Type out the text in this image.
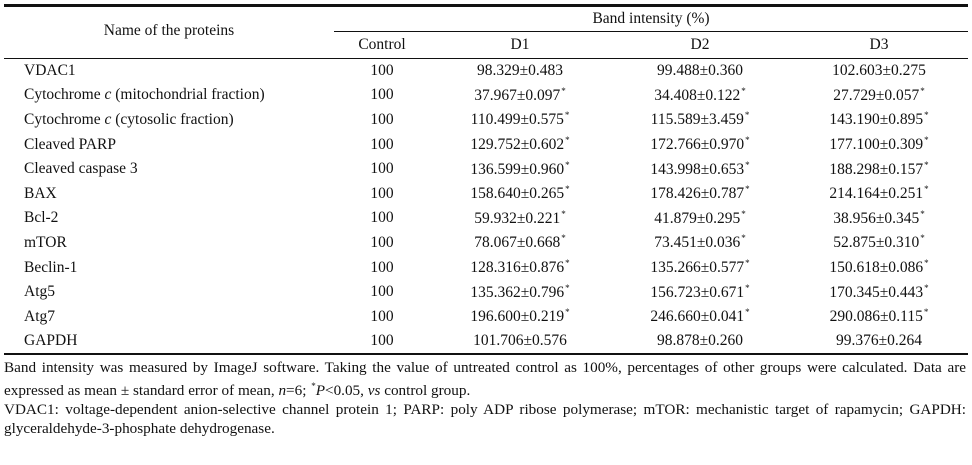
Name of the proteins	Band intensity (%)			
	Control	D1	D2	D3
VDAC1	100	98.329±0.483	99.488±0.360	102.603±0.275
Cytochrome c (mitochondrial fraction)	100	37.967±0.097*	34.408±0.122*	27.729±0.057*
Cytochrome c (cytosolic fraction)	100	110.499±0.575*	115.589±3.459*	143.190±0.895*
Cleaved PARP	100	129.752±0.602*	172.766±0.970*	177.100±0.309*
Cleaved caspase 3	100	136.599±0.960*	143.998±0.653*	188.298±0.157*
BAX	100	158.640±0.265*	178.426±0.787*	214.164±0.251*
Bcl-2	100	59.932±0.221*	41.879±0.295*	38.956±0.345*
mTOR	100	78.067±0.668*	73.451±0.036*	52.875±0.310*
Beclin-1	100	128.316±0.876*	135.266±0.577*	150.618±0.086*
Atg5	100	135.362±0.796*	156.723±0.671*	170.345±0.443*
Atg7	100	196.600±0.219*	246.660±0.041*	290.086±0.115*
GAPDH	100	101.706±0.576	98.878±0.260	99.376±0.264

Band intensity was measured by ImageJ software. Taking the value of untreated control as 100%, percentages of other groups were calculated. Data are expressed as mean ± standard error of mean, n=6; *P<0.05, vs control group.

VDAC1: voltage-dependent anion-selective channel protein 1; PARP: poly ADP ribose polymerase; mTOR: mechanistic target of rapamycin; GAPDH: glyceraldehyde-3-phosphate dehydrogenase.
